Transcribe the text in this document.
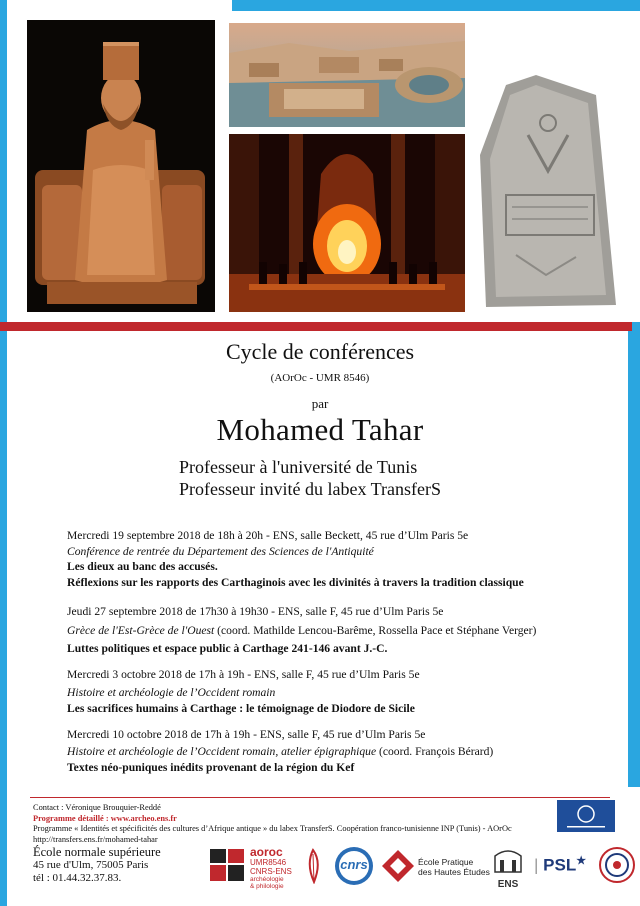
Cycle de conférences
(AOrOc - UMR 8546)
par
Mohamed Tahar
Professeur à l'université de Tunis
Professeur invité du labex TransferS
Mercredi 19 septembre 2018 de 18h à 20h - ENS, salle Beckett, 45 rue d’Ulm Paris 5e
Conférence de rentrée du Département des Sciences de l'Antiquité
Les dieux au banc des accusés.
Réflexions sur les rapports des Carthaginois avec les divinités à travers la tradition classique
Jeudi 27 septembre 2018 de 17h30 à 19h30 - ENS, salle F, 45 rue d’Ulm Paris 5e
Grèce de l'Est-Grèce de l'Ouest (coord. Mathilde Lencou-Barême, Rossella Pace et Stéphane Verger)
Luttes politiques et espace public à Carthage 241-146 avant J.-C.
Mercredi 3 octobre 2018 de 17h à 19h - ENS, salle F, 45 rue d’Ulm Paris 5e
Histoire et archéologie de l’Occident romain
Les sacrifices humains à Carthage : le témoignage de Diodore de Sicile
Mercredi 10 octobre 2018 de 17h à 19h - ENS, salle F, 45 rue d’Ulm Paris 5e
Histoire et archéologie de l’Occident romain, atelier épigraphique (coord. François Bérard)
Textes néo-puniques inédits provenant de la région du Kef
Contact : Véronique Brouquier-Reddé
Programme détaillé : www.archeo.ens.fr
Programme « Identités et spécificités des cultures d’Afrique antique » du labex TransferS. Coopération franco-tunisienne INP (Tunis) - AOrOc
http://transfers.ens.fr/mohamed-tahar
École normale supérieure
45 rue d'Ulm, 75005 Paris
tél : 01.44.32.37.83.
aoroc
UMR8546
CNRS-ENS
archéologie
& philologie
cnrs	École Pratique
des Hautes Études
ENS
| PSL★
